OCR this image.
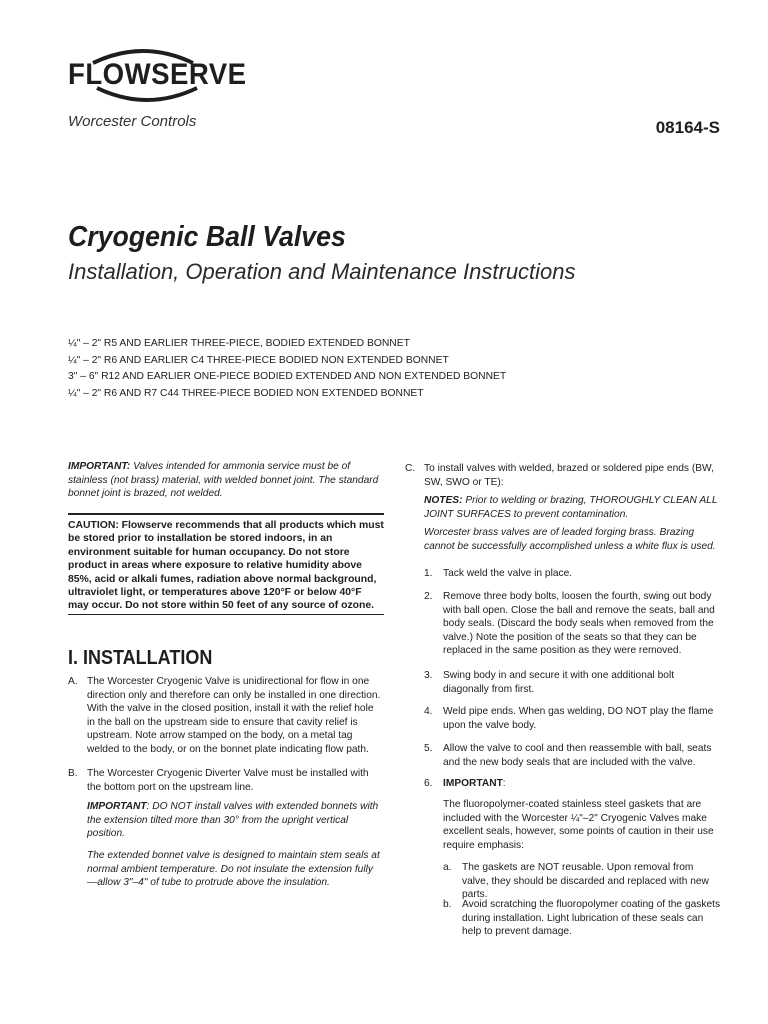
FLOWSERVE
Worcester Controls	08164-S
Cryogenic Ball Valves
Installation, Operation and Maintenance Instructions
¼" – 2" R5 AND EARLIER THREE-PIECE, BODIED EXTENDED BONNET
¼" – 2" R6 AND EARLIER C4 THREE-PIECE BODIED NON EXTENDED BONNET
3" – 6" R12 AND EARLIER ONE-PIECE BODIED EXTENDED AND NON EXTENDED BONNET
¼" – 2" R6 AND R7 C44 THREE-PIECE BODIED NON EXTENDED BONNET
IMPORTANT: Valves intended for ammonia service must be of stainless (not brass) material, with welded bonnet joint. The standard bonnet joint is brazed, not welded.
CAUTION: Flowserve recommends that all products which must be stored prior to installation be stored indoors, in an environment suitable for human occupancy. Do not store product in areas where exposure to relative humidity above 85%, acid or alkali fumes, radiation above normal background, ultraviolet light, or temperatures above 120°F or below 40°F may occur. Do not store within 50 feet of any source of ozone.
I. INSTALLATION
A. The Worcester Cryogenic Valve is unidirectional for flow in one direction only and therefore can only be installed in one direction. With the valve in the closed position, install it with the relief hole in the ball on the upstream side to ensure that cavity relief is upstream. Note arrow stamped on the body, on a metal tag welded to the body, or on the bonnet plate indicating flow path.
B. The Worcester Cryogenic Diverter Valve must be installed with the bottom port on the upstream line.
IMPORTANT: DO NOT install valves with extended bonnets with the extension tilted more than 30° from the upright vertical position.
The extended bonnet valve is designed to maintain stem seals at normal ambient temperature. Do not insulate the extension fully —allow 3"–4" of tube to protrude above the insulation.
C. To install valves with welded, brazed or soldered pipe ends (BW, SW, SWO or TE):
NOTES: Prior to welding or brazing, THOROUGHLY CLEAN ALL JOINT SURFACES to prevent contamination.
Worcester brass valves are of leaded forging brass. Brazing cannot be successfully accomplished unless a white flux is used.
1. Tack weld the valve in place.
2. Remove three body bolts, loosen the fourth, swing out body with ball open. Close the ball and remove the seats, ball and body seals. (Discard the body seals when removed from the valve.) Note the position of the seats so that they can be replaced in the same position as they were removed.
3. Swing body in and secure it with one additional bolt diagonally from first.
4. Weld pipe ends. When gas welding, DO NOT play the flame upon the valve body.
5. Allow the valve to cool and then reassemble with ball, seats and the new body seals that are included with the valve.
6. IMPORTANT:
The fluoropolymer-coated stainless steel gaskets that are included with the Worcester ¼"–2" Cryogenic Valves make excellent seals, however, some points of caution in their use require emphasis:
a. The gaskets are NOT reusable. Upon removal from valve, they should be discarded and replaced with new parts.
b. Avoid scratching the fluoropolymer coating of the gaskets during installation. Light lubrication of these seals can help to prevent damage.
